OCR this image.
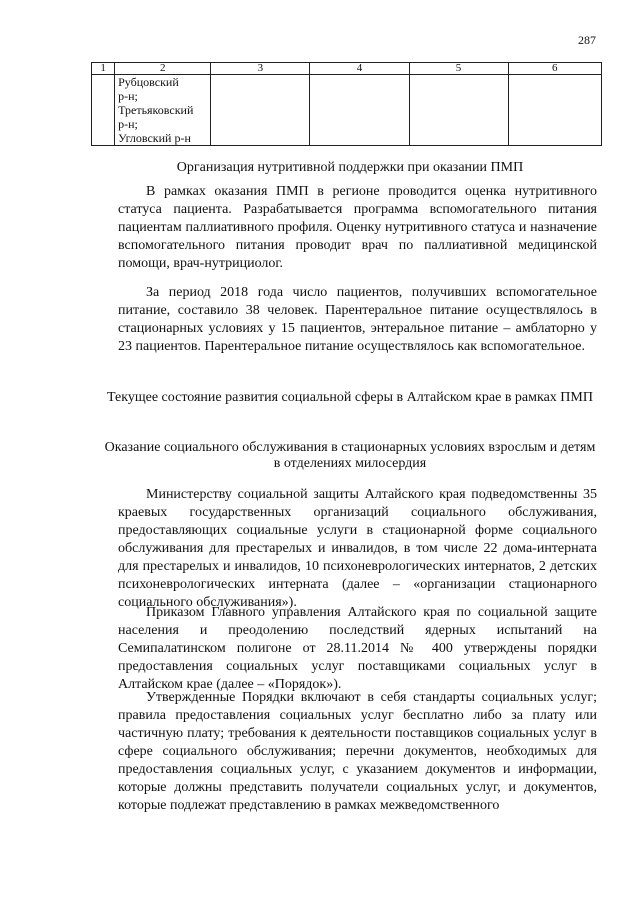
287
1	2	3	4	5	6

	Рубцовский
р-н;
Третьяковский
р-н;
Угловский р-н				

Организация нутритивной поддержки при оказании ПМП
В рамках оказания ПМП в регионе проводится оценка нутритивного статуса пациента. Разрабатывается программа вспомогательного питания пациентам паллиативного профиля. Оценку нутритивного статуса и назначение вспомогательного питания проводит врач по паллиативной медицинской помощи, врач-нутрициолог.
За период 2018 года число пациентов, получивших вспомогательное питание, составило 38 человек. Парентеральное питание осуществлялось в стационарных условиях у 15 пациентов, энтеральное питание – амблаторно у 23 пациентов. Парентеральное питание осуществлялось как вспомогательное.
Текущее состояние развития социальной сферы в Алтайском крае в рамках ПМП
Оказание социального обслуживания в стационарных условиях взрослым и детям в отделениях милосердия
Министерству социальной защиты Алтайского края подведомственны 35 краевых государственных организаций социального обслуживания, предоставляющих социальные услуги в стационарной форме социального обслуживания для престарелых и инвалидов, в том числе 22 дома-интерната для престарелых и инвалидов, 10 психоневрологических интернатов, 2 детских психоневрологических интерната (далее – «организации стационарного социального обслуживания»).
Приказом Главного управления Алтайского края по социальной защите населения и преодолению последствий ядерных испытаний на Семипалатинском полигоне от 28.11.2014 № 400 утверждены порядки предоставления социальных услуг поставщиками социальных услуг в Алтайском крае (далее – «Порядок»).
Утвержденные Порядки включают в себя стандарты социальных услуг; правила предоставления социальных услуг бесплатно либо за плату или частичную плату; требования к деятельности поставщиков социальных услуг в сфере социального обслуживания; перечни документов, необходимых для предоставления социальных услуг, с указанием документов и информации, которые должны представить получатели социальных услуг, и документов, которые подлежат представлению в рамках межведомственного
